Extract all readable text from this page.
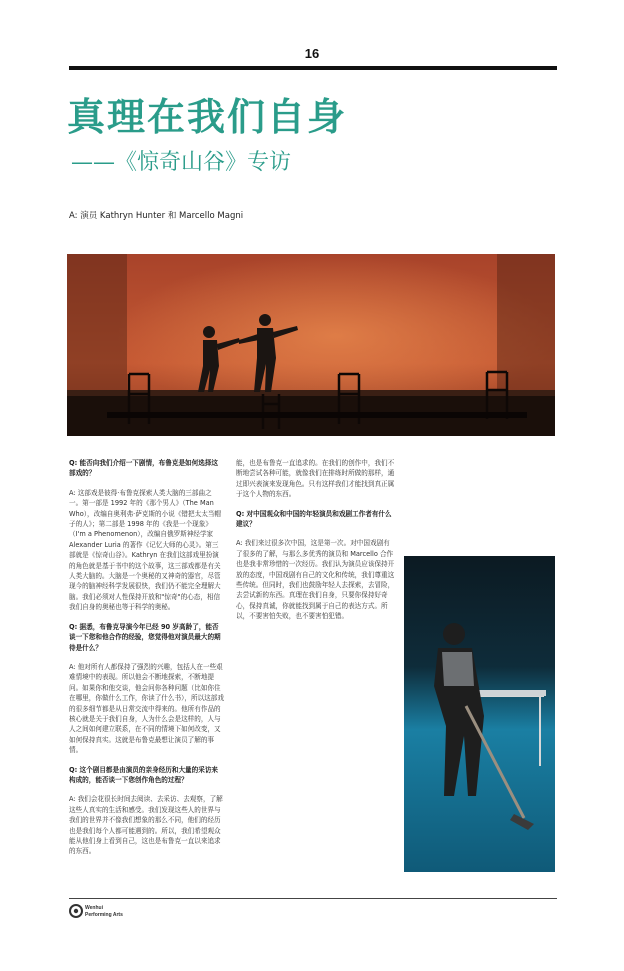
16
真理在我们自身
——《惊奇山谷》专访
A: 演员 Kathryn Hunter 和 Marcello Magni

Q: 能否向我们介绍一下剧情，布鲁克是如何选择这部戏的？

A: 这部戏是彼得·布鲁克探索人类大脑的三部曲之一。第一部是 1992 年的《那个男人》（The Man Who），改编自奥利弗·萨克斯的小说《错把太太当帽子的人》；第二部是 1998 年的《我是一个现象》（I'm a Phenomenon），改编自俄罗斯神经学家 Alexander Luria 的著作《记忆大师的心灵》。第三部就是《惊奇山谷》。Kathryn 在我们这部戏里扮演的角色就是基于书中的这个故事，这三部戏都是有关人类大脑的。大脑是一个奥秘的又神奇的器官，尽管现今的脑神经科学发展很快，我们仍不能完全理解大脑。我们必须对人性保持开放和"惊奇"的心态，相信我们自身的奥秘也等于科学的奥秘。

Q: 据悉，布鲁克导演今年已经 90 岁高龄了，能否谈一下您和他合作的经验，您觉得他对演员最大的期待是什么？

A: 他对所有人都保持了强烈的兴趣，包括人在一些艰难情境中的表现。所以他会不断地探索，不断地提问。如果你和他交谈，他会问你各种问题（比如你住在哪里，你做什么工作，你读了什么书），所以这部戏的很多细节都是从日常交流中得来的。他所有作品的核心就是关于我们自身，人为什么会是这样的，人与人之间如何建立联系，在不同的情境下如何改变，又如何保持真实。这就是布鲁克最想让演员了解的事情。

Q: 这个剧目都是由演员的亲身经历和大量的采访来构成的，能否谈一下您创作角色的过程？

A: 我们会花很长时间去阅读、去采访、去观察，了解这些人真实的生活和感受。我们发现这些人的世界与我们的世界并不像我们想象的那么不同，他们的经历也是我们每个人都可能遇到的。所以，我们希望观众能从他们身上看到自己，这也是布鲁克一直以来追求的东西。

能，也是布鲁克一直追求的。在我们的创作中，我们不断地尝试各种可能，就像我们在排练时所做的那样，通过即兴表演来发现角色。只有这样我们才能找到真正属于这个人物的东西。

Q: 对中国观众和中国的年轻演员和戏剧工作者有什么建议？

A: 我们来过很多次中国，这是第一次。对中国戏剧有了很多的了解，与那么多优秀的演员和 Marcello 合作也是我非常珍惜的一次经历。我们认为演员应该保持开放的态度，中国戏剧有自己的文化和传统，我们尊重这些传统。但同时，我们也鼓励年轻人去探索，去冒险，去尝试新的东西。真理在我们自身，只要你保持好奇心，保持真诚，你就能找到属于自己的表达方式。所以，不要害怕失败，也不要害怕犯错。

Wenhui
Performing Arts
